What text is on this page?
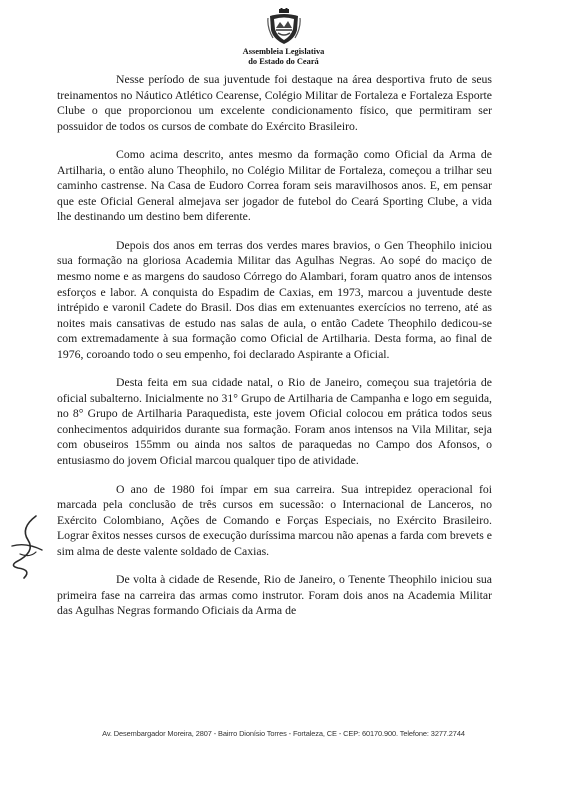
Assembleia Legislativa
do Estado do Ceará

Nesse período de sua juventude foi destaque na área desportiva fruto de seus treinamentos no Náutico Atlético Cearense, Colégio Militar de Fortaleza e Fortaleza Esporte Clube o que proporcionou um excelente condicionamento físico, que permitiram ser possuidor de todos os cursos de combate do Exército Brasileiro.

Como acima descrito, antes mesmo da formação como Oficial da Arma de Artilharia, o então aluno Theophilo, no Colégio Militar de Fortaleza, começou a trilhar seu caminho castrense. Na Casa de Eudoro Correa foram seis maravilhosos anos. E, em pensar que este Oficial General almejava ser jogador de futebol do Ceará Sporting Clube, a vida lhe destinando um destino bem diferente.

Depois dos anos em terras dos verdes mares bravios, o Gen Theophilo iniciou sua formação na gloriosa Academia Militar das Agulhas Negras. Ao sopé do maciço de mesmo nome e as margens do saudoso Córrego do Alambari, foram quatro anos de intensos esforços e labor. A conquista do Espadim de Caxias, em 1973, marcou a juventude deste intrépido e varonil Cadete do Brasil. Dos dias em extenuantes exercícios no terreno, até as noites mais cansativas de estudo nas salas de aula, o então Cadete Theophilo dedicou-se com extremadamente à sua formação como Oficial de Artilharia. Desta forma, ao final de 1976, coroando todo o seu empenho, foi declarado Aspirante a Oficial.

Desta feita em sua cidade natal, o Rio de Janeiro, começou sua trajetória de oficial subalterno. Inicialmente no 31° Grupo de Artilharia de Campanha e logo em seguida, no 8° Grupo de Artilharia Paraquedista, este jovem Oficial colocou em prática todos seus conhecimentos adquiridos durante sua formação. Foram anos intensos na Vila Militar, seja com obuseiros 155mm ou ainda nos saltos de paraquedas no Campo dos Afonsos, o entusiasmo do jovem Oficial marcou qualquer tipo de atividade.

O ano de 1980 foi ímpar em sua carreira. Sua intrepidez operacional foi marcada pela conclusão de três cursos em sucessão: o Internacional de Lanceros, no Exército Colombiano, Ações de Comando e Forças Especiais, no Exército Brasileiro. Lograr êxitos nesses cursos de execução duríssima marcou não apenas a farda com brevets e sim alma de deste valente soldado de Caxias.

De volta à cidade de Resende, Rio de Janeiro, o Tenente Theophilo iniciou sua primeira fase na carreira das armas como instrutor. Foram dois anos na Academia Militar das Agulhas Negras formando Oficiais da Arma de

Av. Desembargador Moreira, 2807 - Bairro Dionísio Torres - Fortaleza, CE - CEP: 60170.900. Telefone: 3277.2744
